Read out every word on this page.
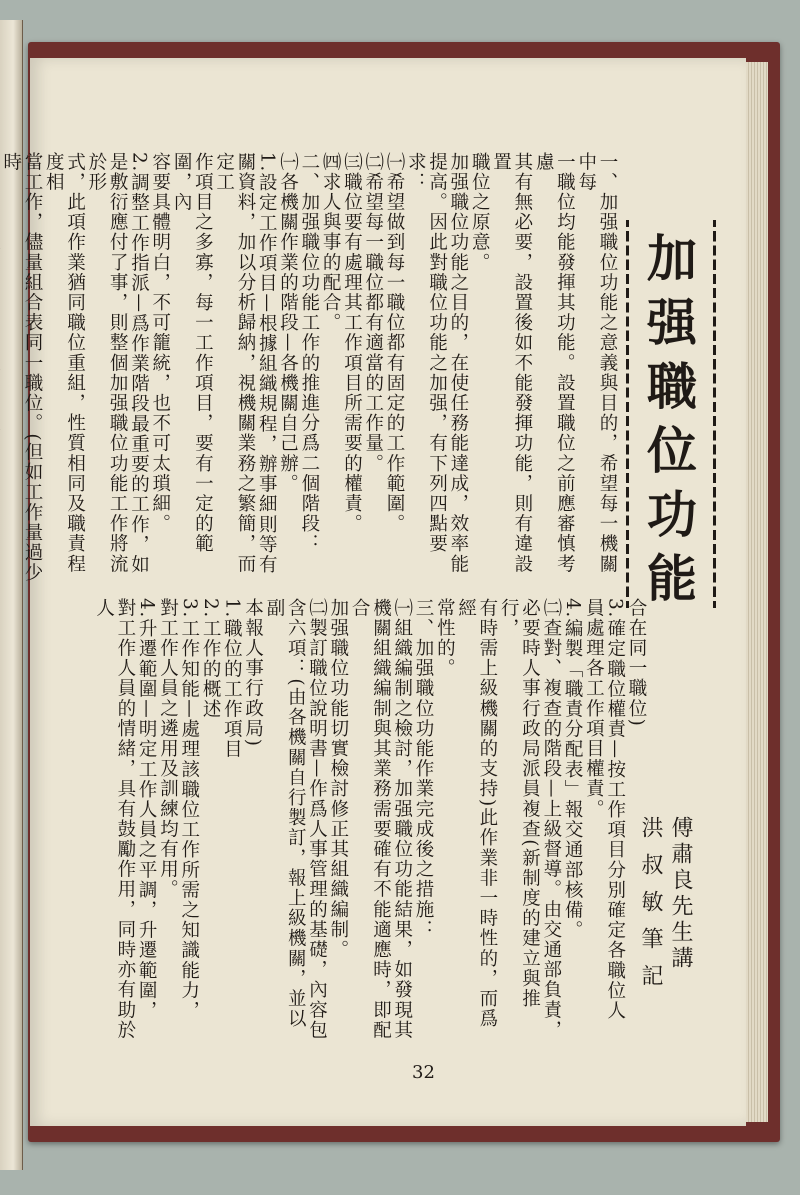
加强職位功能
一、加强職位功能之意義與目的，希望每一機關中每
一職位均能發揮其功能。設置職位之前應審慎考慮
其有無必要，設置後如不能發揮功能，則有違設置
職位之原意。
加强職位功能之目的，在使任務能達成，效率能
提高。因此對職位功能之加强，有下列四點要求：
㈠希望做到每一職位都有固定的工作範圍。
㈡希望每一職位都有適當的工作量。
㈢職位要有處理其工作項目所需要的權責。
㈣求人與事的配合。
二、加强職位功能工作的推進分爲二個階段：
㈠各機關作業的階段—各機關自己辦。
1.設定工作項目—根據組織規程，辦事細則等有
關資料，加以分析歸納，視機關業務之繁簡，而定工
作項目之多寡，每一工作項目，要有一定的範圍，內
容要具體明白，不可籠統，也不可太瑣細。
2.調整工作指派—爲作業階段最重要的工作，如
是敷衍應付了事，則整個加强職位功能工作將流於形
式，此項作業猶同職位重組，性質相同及職責程度相
當工作，儘量組合表同一職位。(但如工作量過少時
合在同一職位)
3.確定職位權責—按工作項目分別確定各職位人
員處理各工作項目權責。
4.編製「職責分配表」報交通部核備。
㈡查對、複查的階段—上級督導。由交通部負責，
必要時人事行政局派員複查(新制度的建立與推行，
有時需上級機關的支持)此作業非一時性的，而爲經
常性的。
三、加强職位功能作業完成後之措施：
㈠組織編制之檢討，加强職位功能結果，如發現其
機關組織編制與其業務需要確有不能適應時，即配合
加强職位功能切實檢討修正其組織編制。
㈡製訂職位說明書—作爲人事管理的基礎，內容包
含六項：(由各機關自行製訂，報上級機關，並以副
本報人事行政局)
1.職位的工作項目
2.工作的概述
3.工作知能—處理該職位工作所需之知識能力，
對工作人員之遴用及訓練均有用。
4.升遷範圍—明定工作人員之平調，升遷範圍，
對工作人員的情緒，具有鼓勵作用，同時亦有助於人
傅肅良先生講
洪 叔 敏 筆 記
32
